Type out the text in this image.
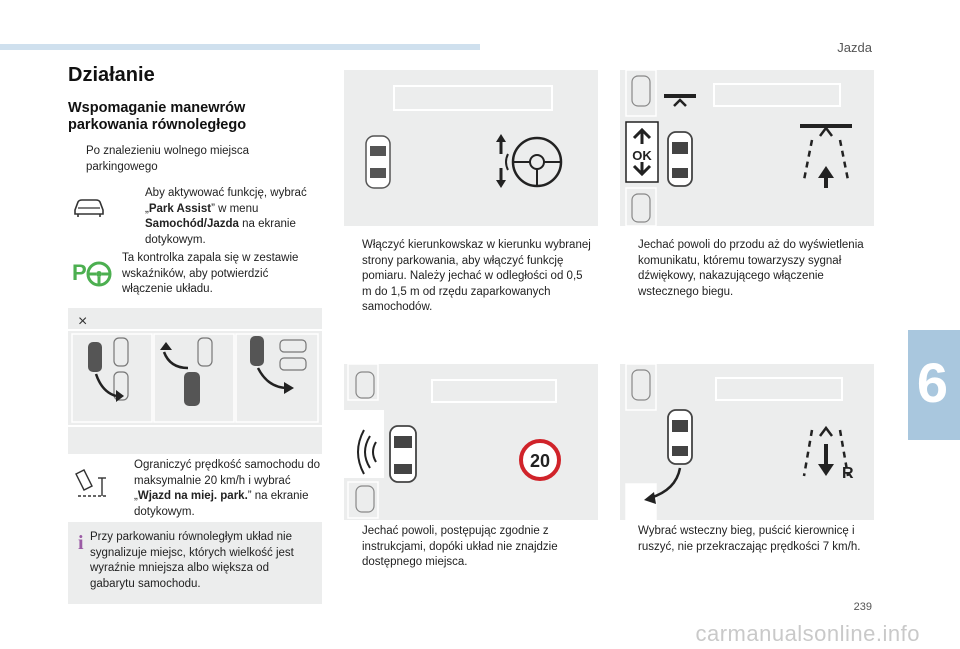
Jazda
6
239
carmanualsonline.info
Działanie
Wspomaganie manewrów parkowania równoległego
Po znalezieniu wolnego miejsca parkingowego
Aby aktywować funkcję, wybrać „Park Assist” w menu Samochód/Jazda na ekranie dotykowym.
P
Ta kontrolka zapala się w zestawie wskaźników, aby potwierdzić włączenie układu.
×
Ograniczyć prędkość samochodu do maksymalnie 20 km/h i wybrać „Wjazd na miej. park.” na ekranie dotykowym.
i Przy parkowaniu równoległym układ nie sygnalizuje miejsc, których wielkość jest wyraźnie mniejsza albo większa od gabarytu samochodu.
Włączyć kierunkowskaz w kierunku wybranej strony parkowania, aby włączyć funkcję pomiaru. Należy jechać w odległości od 0,5 m do 1,5 m od rzędu zaparkowanych samochodów.
20
Jechać powoli, postępując zgodnie z instrukcjami, dopóki układ nie znajdzie dostępnego miejsca.
OK
Jechać powoli do przodu aż do wyświetlenia komunikatu, któremu towarzyszy sygnał dźwiękowy, nakazującego włączenie wstecznego biegu.
R
Wybrać wsteczny bieg, puścić kierownicę i ruszyć, nie przekraczając prędkości 7 km/h.
